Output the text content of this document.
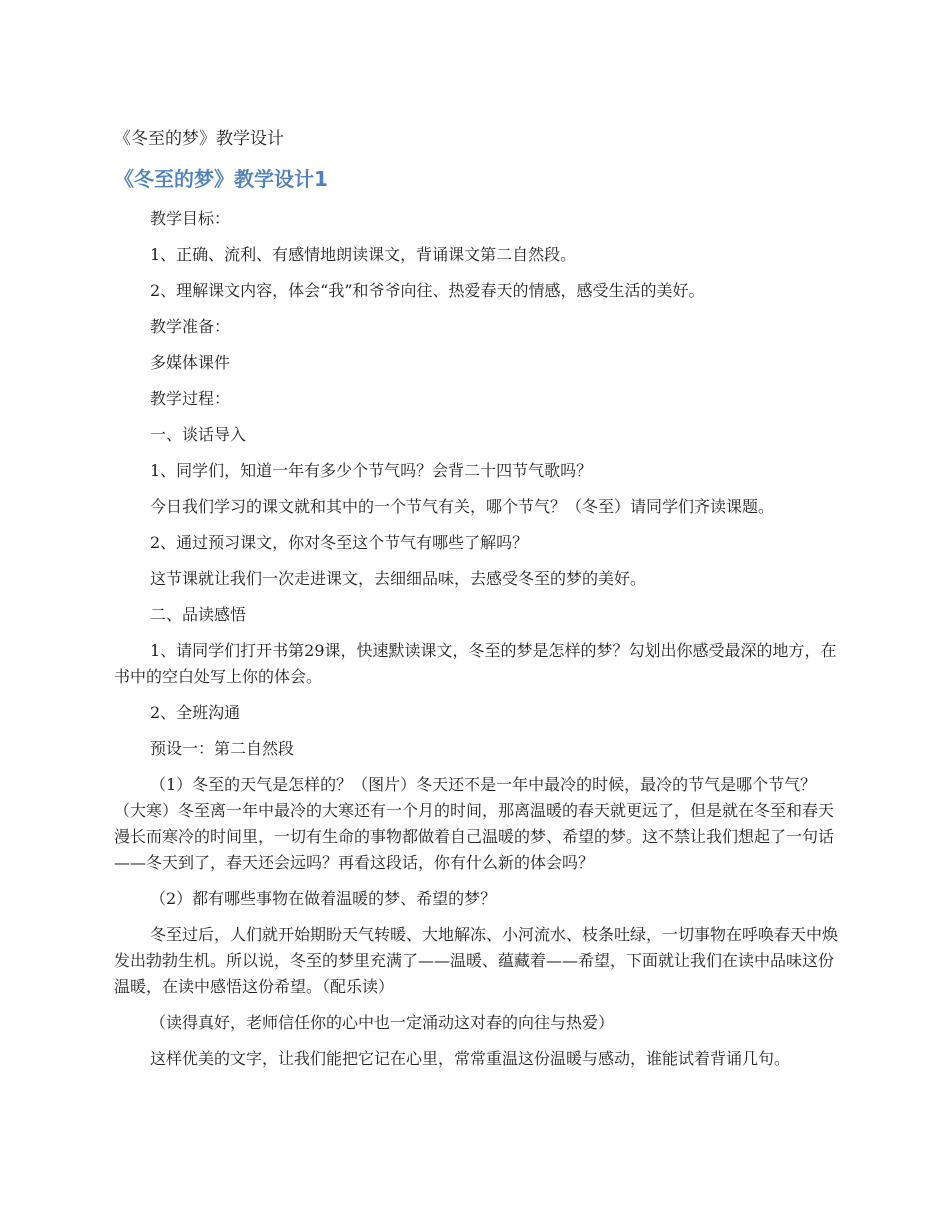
《冬至的梦》教学设计

《冬至的梦》教学设计1

教学目标：

1、正确、流利、有感情地朗读课文，背诵课文第二自然段。

2、理解课文内容，体会“我”和爷爷向往、热爱春天的情感，感受生活的美好。

教学准备：

多媒体课件

教学过程：

一、谈话导入

1、同学们，知道一年有多少个节气吗？会背二十四节气歌吗？

今日我们学习的课文就和其中的一个节气有关，哪个节气？（冬至）请同学们齐读课题。

2、通过预习课文，你对冬至这个节气有哪些了解吗？

这节课就让我们一次走进课文，去细细品味，去感受冬至的梦的美好。

二、品读感悟

1、请同学们打开书第29课，快速默读课文，冬至的梦是怎样的梦？勾划出你感受最深的地方，在书中的空白处写上你的体会。

2、全班沟通

预设一：第二自然段

（1）冬至的天气是怎样的？（图片）冬天还不是一年中最冷的时候，最冷的节气是哪个节气？（大寒）冬至离一年中最冷的大寒还有一个月的时间，那离温暖的春天就更远了，但是就在冬至和春天漫长而寒冷的时间里，一切有生命的事物都做着自己温暖的梦、希望的梦。这不禁让我们想起了一句话——冬天到了，春天还会远吗？再看这段话，你有什么新的体会吗？

（2）都有哪些事物在做着温暖的梦、希望的梦？

冬至过后，人们就开始期盼天气转暖、大地解冻、小河流水、枝条吐绿，一切事物在呼唤春天中焕发出勃勃生机。所以说，冬至的梦里充满了——温暖、蕴藏着——希望，下面就让我们在读中品味这份温暖，在读中感悟这份希望。（配乐读）

（读得真好，老师信任你的心中也一定涌动这对春的向往与热爱）

这样优美的文字，让我们能把它记在心里，常常重温这份温暖与感动，谁能试着背诵几句。
